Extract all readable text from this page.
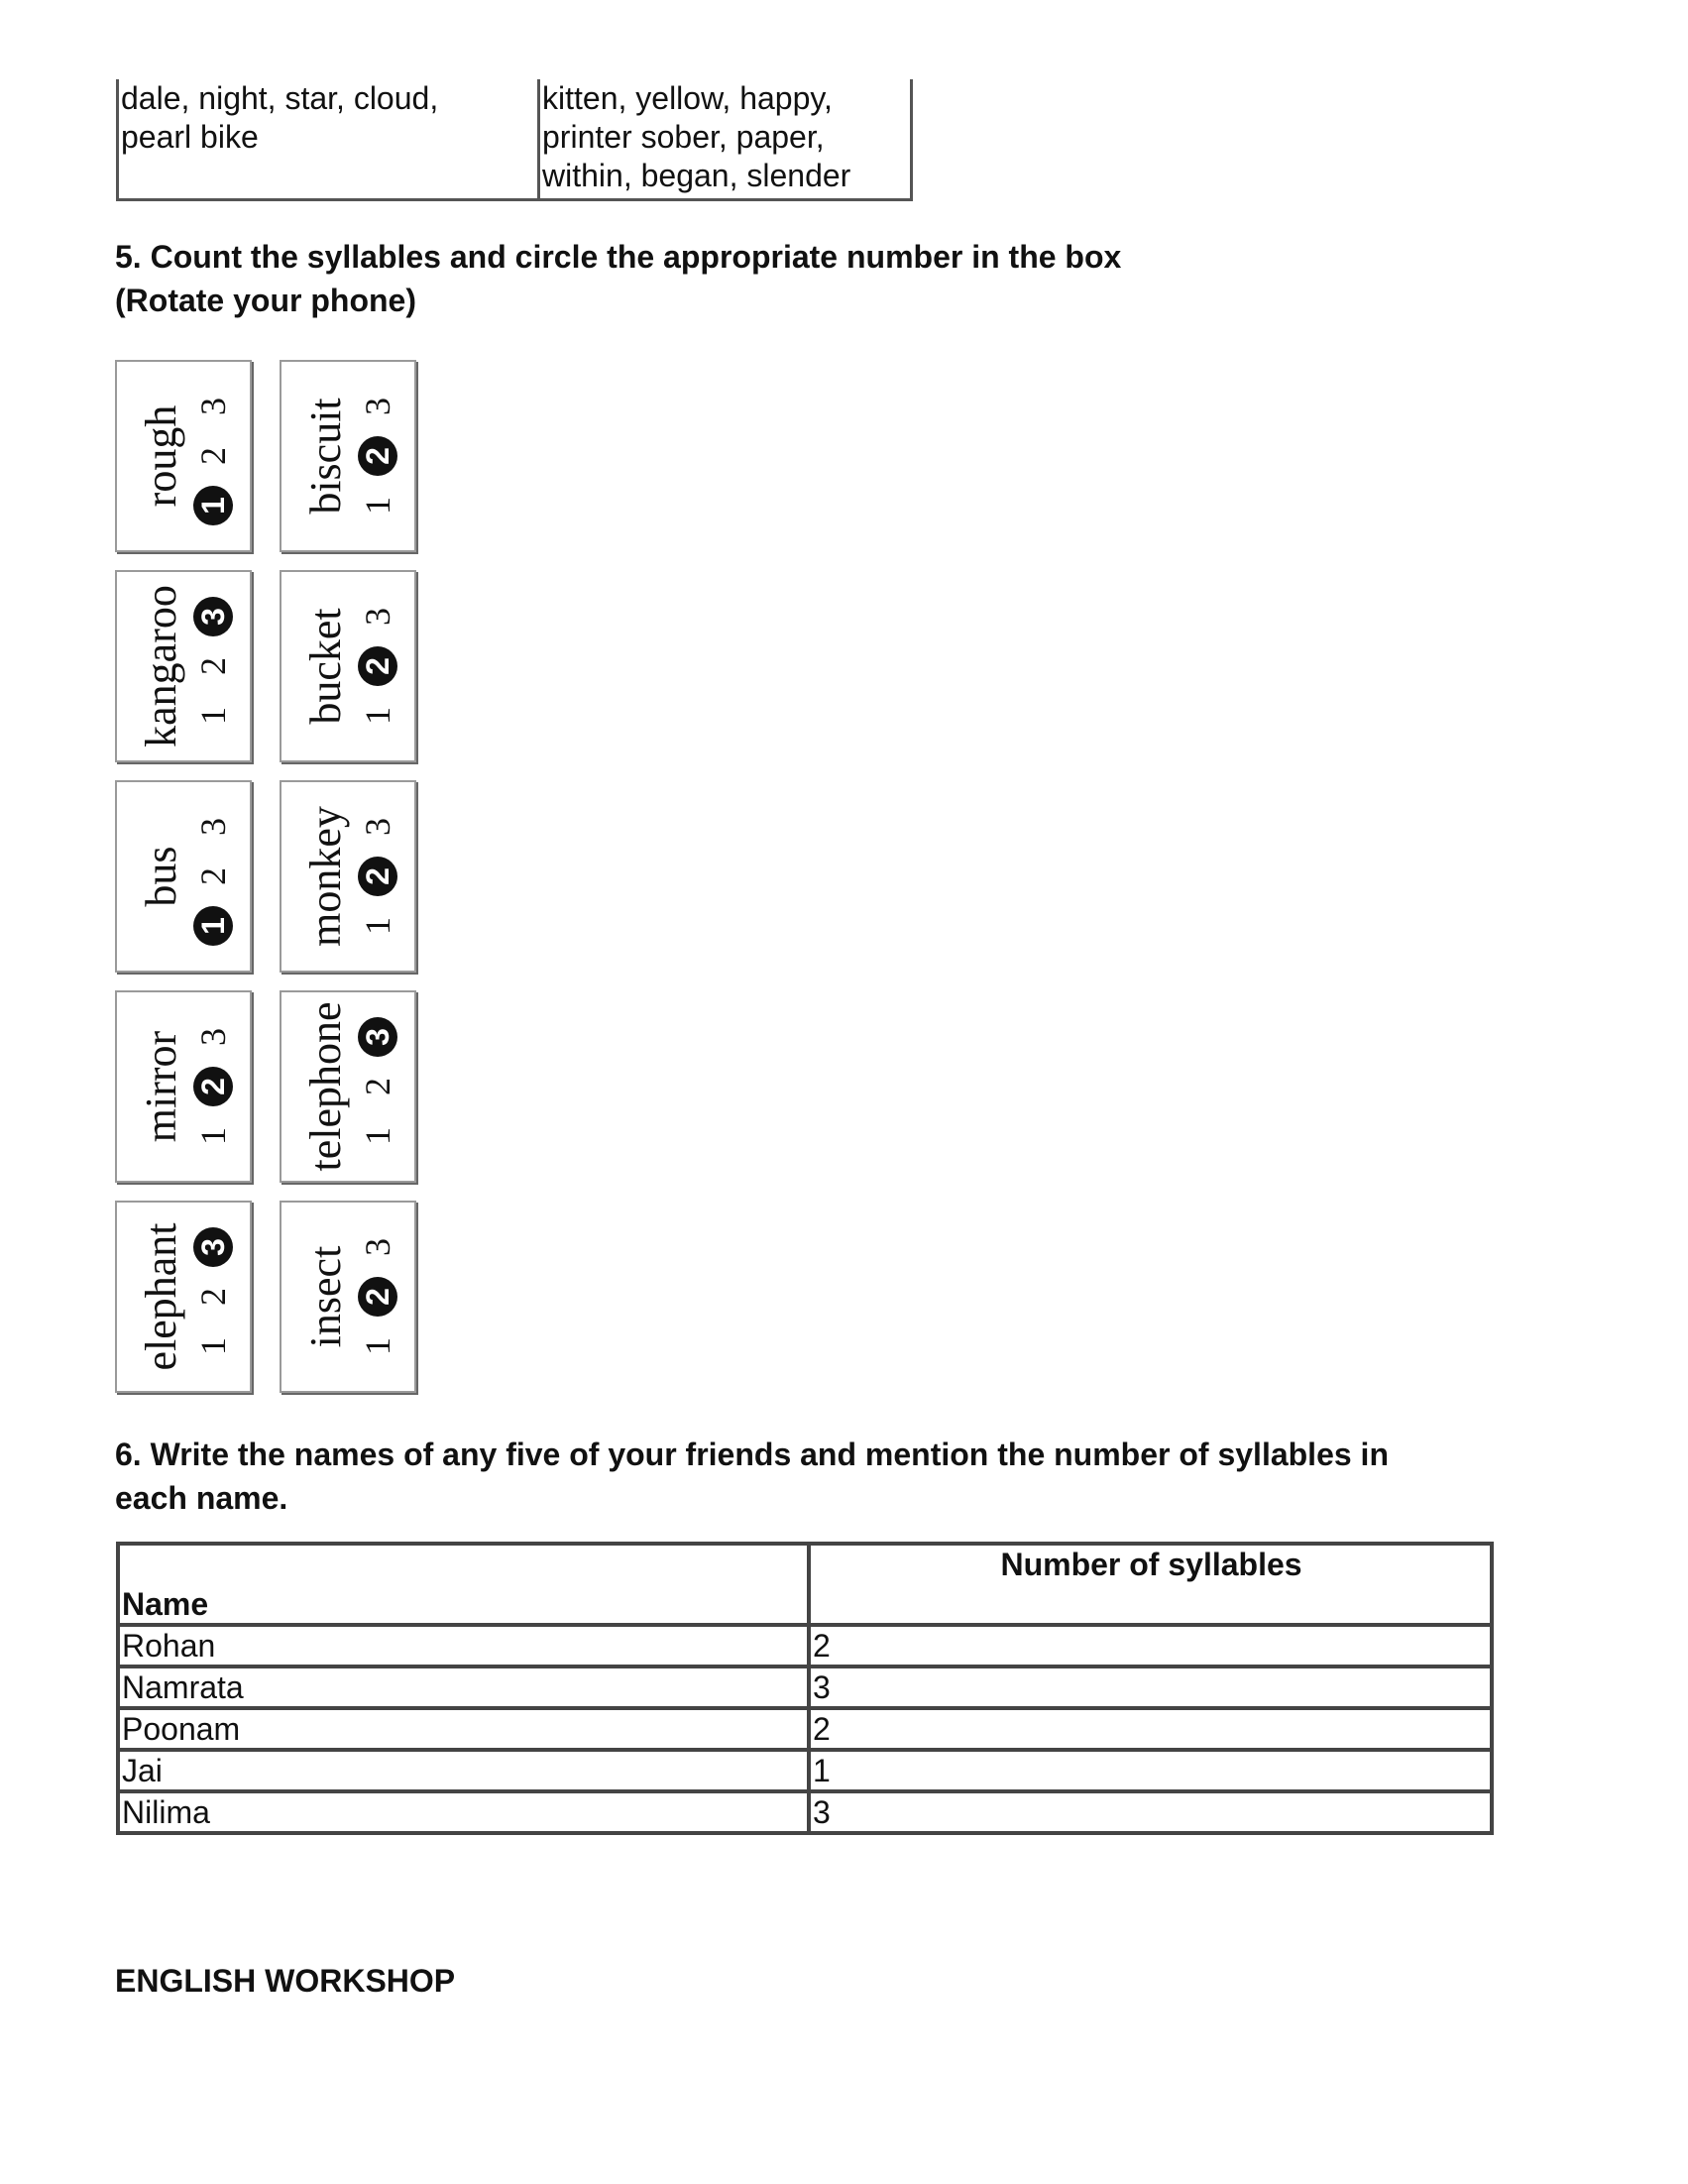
dale, night, star, cloud,
pearl bike

kitten, yellow, happy,
printer sober, paper,
within, began, slender

5. Count the syllables and circle the appropriate number in the box

(Rotate your phone)

rough 1
2
3
kangaroo 1
2
3
bus
1
2
3
mirror 1
2
3
elephant 1
2
3
biscuit 1
2
3
bucket 1
2
3
monkey 1
2
3
telephone 1
2
3
insect 1
2
3

6. Write the names of any five of your friends and mention the number of syllables in

each name.

Name	Number of syllables
Rohan	2
Namrata	3
Poonam	2
Jai	1
Nilima	3

ENGLISH WORKSHOP
